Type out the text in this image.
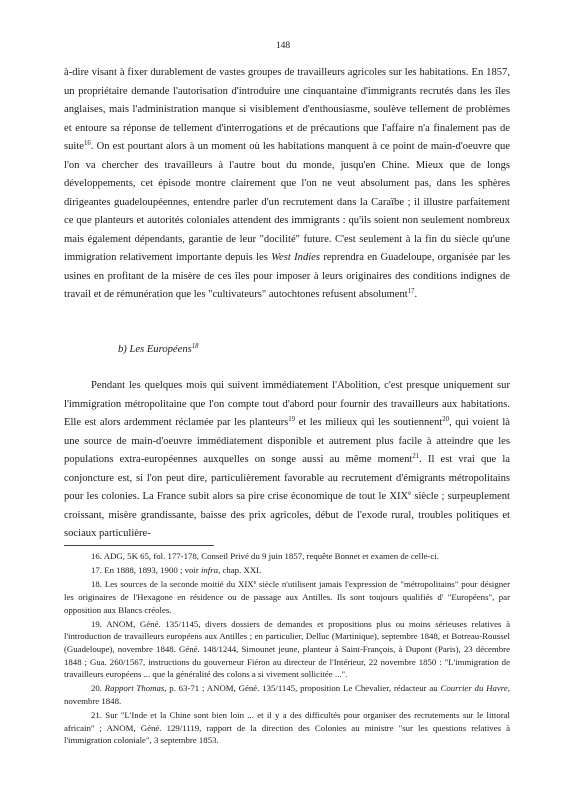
148

à-dire visant à fixer durablement de vastes groupes de travailleurs agricoles sur les habitations. En 1857, un propriétaire demande l'autorisation d'introduire une cinquantaine d'immigrants recrutés dans les îles anglaises, mais l'administration manque si visiblement d'enthousiasme, soulève tellement de problèmes et entoure sa réponse de tellement d'interrogations et de précautions que l'affaire n'a finalement pas de suite$^{16}$. On est pourtant alors à un moment où les habitations manquent à ce point de main-d'oeuvre que l'on va chercher des travailleurs à l'autre bout du monde, jusqu'en Chine. Mieux que de longs développements, cet épisode montre clairement que l'on ne veut absolument pas, dans les sphères dirigeantes guadeloupéennes, entendre parler d'un recrutement dans la Caraïbe ; il illustre parfaitement ce que planteurs et autorités coloniales attendent des immigrants : qu'ils soient non seulement nombreux mais également dépendants, garantie de leur "docilité" future. C'est seulement à la fin du siècle qu'une immigration relativement importante depuis les West Indies reprendra en Guadeloupe, organisée par les usines en profitant de la misère de ces îles pour imposer à leurs originaires des conditions indignes de travail et de rémunération que les "cultivateurs" autochtones refusent absolument$^{17}$.

b) Les Européens$^{18}$

Pendant les quelques mois qui suivent immédiatement l'Abolition, c'est presque uniquement sur l'immigration métropolitaine que l'on compte tout d'abord pour fournir des travailleurs aux habitations. Elle est alors ardemment réclamée par les planteurs$^{19}$ et les milieux qui les soutiennent$^{20}$, qui voient là une source de main-d'oeuvre immédiatement disponible et autrement plus facile à atteindre que les populations extra-européennes auxquelles on songe aussi au même moment$^{21}$. Il est vrai que la conjoncture est, si l'on peut dire, particulièrement favorable au recrutement d'émigrants métropolitains pour les colonies. La France subit alors sa pire crise économique de tout le XIXe siècle ; surpeuplement croissant, misère grandissante, baisse des prix agricoles, début de l'exode rural, troubles politiques et sociaux particulière-

16. ADG, 5K 65, fol. 177-178, Conseil Privé du 9 juin 1857, requête Bonnet et examen de celle-ci.

17. En 1888, 1893, 1900 ; voir infra, chap. XXI.

18. Les sources de la seconde moitié du XIXe siècle n'utilisent jamais l'expression de "métropolitains" pour désigner les originaires de l'Hexagone en résidence ou de passage aux Antilles. Ils sont toujours qualifiés d' "Européens", par opposition aux Blancs créoles.

19. ANOM, Géné. 135/1145, divers dossiers de demandes et propositions plus ou moins sérieuses relatives à l'introduction de travailleurs européens aux Antilles ; en particulier, Delluc (Martinique), septembre 1848, et Botreau-Roussel (Guadeloupe), novembre 1848. Géné. 148/1244, Simounet jeune, planteur à Saint-François, à Dupont (Paris), 23 décembre 1848 ; Gua. 260/1567, instructions du gouverneur Fiéron au directeur de l'Intérieur, 22 novembre 1850 : "L'immigration de travailleurs européens ... que la généralité des colons a si vivement sollicitée ...".

20. Rapport Thomas, p. 63-71 ; ANOM, Géné. 135/1145, proposition Le Chevalier, rédacteur au Courrier du Havre, novembre 1848.

21. Sur "L'Inde et la Chine sont bien loin ... et il y a des difficultés pour organiser des recrutements sur le littoral africain" ; ANOM, Géné. 129/1119, rapport de la direction des Colonies au ministre "sur les questions relatives à l'immigration coloniale", 3 septembre 1853.
